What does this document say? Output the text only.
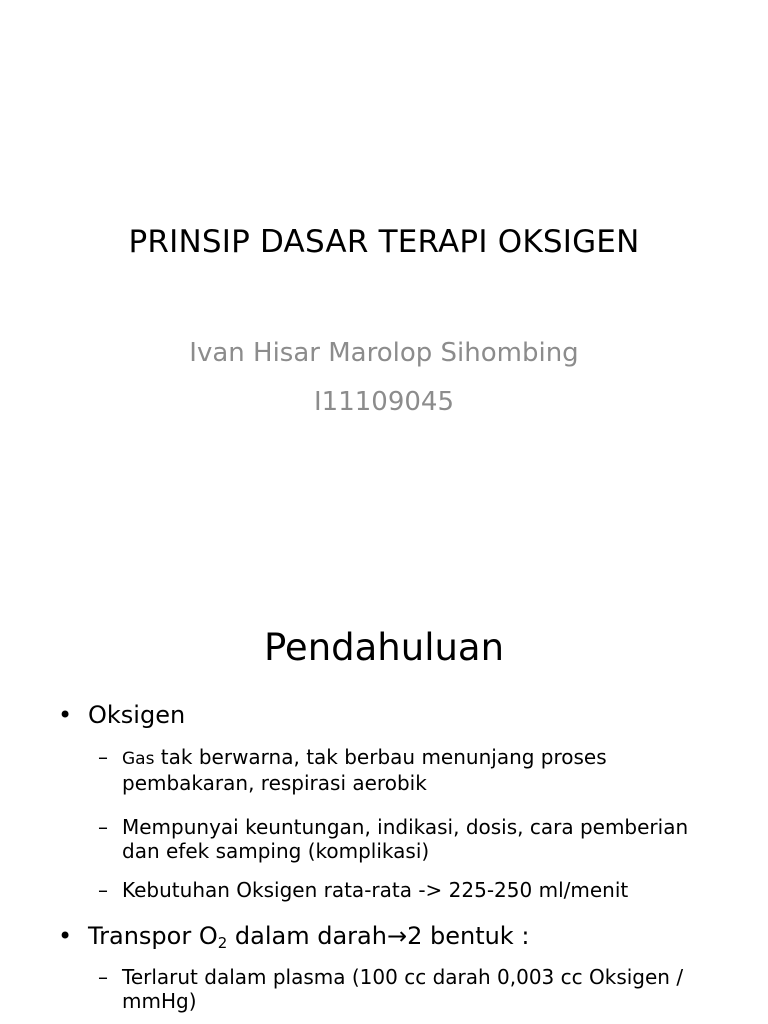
PRINSIP DASAR TERAPI OKSIGEN
Ivan Hisar Marolop Sihombing
I11109045
Pendahuluan
• Oksigen
– Gas tak berwarna, tak berbau menunjang proses pembakaran, respirasi aerobik
– Mempunyai keuntungan, indikasi, dosis, cara pemberian dan efek samping (komplikasi)
– Kebutuhan Oksigen rata-rata -> 225-250 ml/menit
• Transpor $O_2$ dalam darah→2 bentuk :
– Terlarut dalam plasma (100 cc darah 0,003 cc Oksigen / mmHg)
